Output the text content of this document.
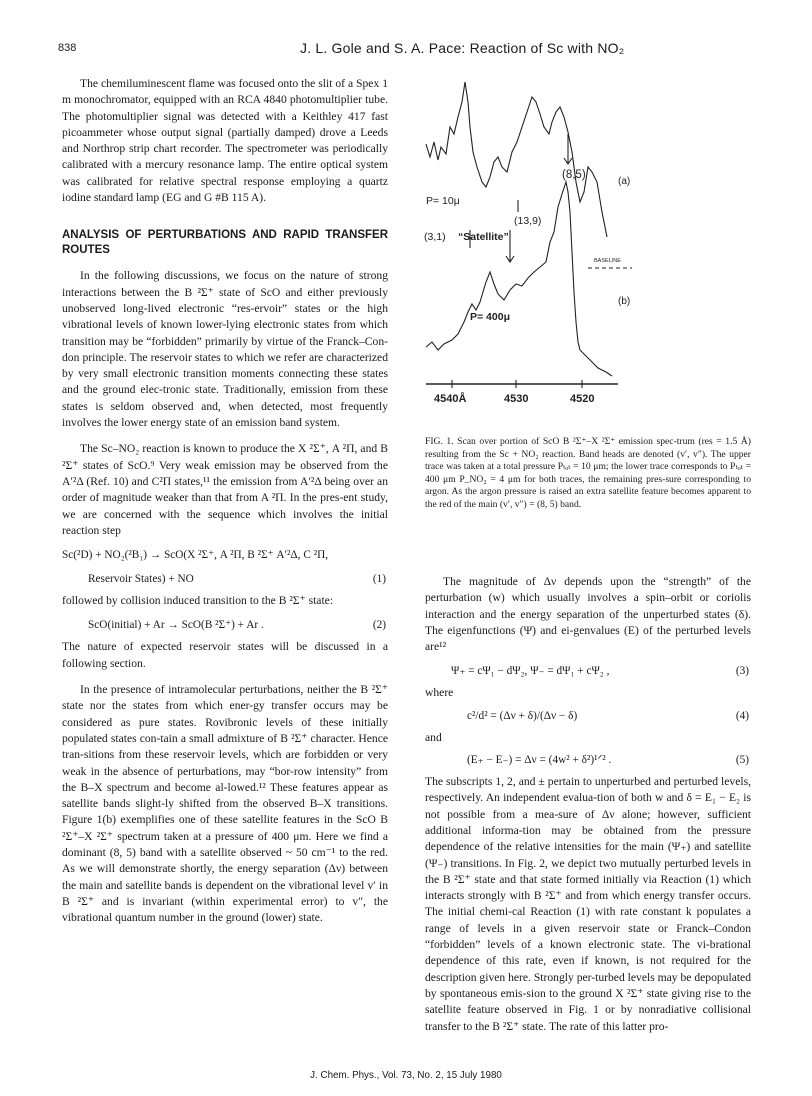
838	J. L. Gole and S. A. Pace: Reaction of Sc with NO₂

The chemiluminescent flame was focused onto the slit of a Spex 1 m monochromator, equipped with an RCA 4840 photomultiplier tube. The photomultiplier signal was detected with a Keithley 417 fast picoammeter whose output signal (partially damped) drove a Leeds and Northrop strip chart recorder. The spectrometer was periodically calibrated with a mercury resonance lamp. The entire optical system was calibrated for relative spectral response employing a quartz iodine standard lamp (EG and G #B 115 A).

ANALYSIS OF PERTURBATIONS AND RAPID TRANSFER ROUTES

In the following discussions, we focus on the nature of strong interactions between the B ²Σ⁺ state of ScO and either previously unobserved long-lived electronic “res-ervoir” states or the high vibrational levels of known lower-lying electronic states from which transition may be “forbidden” primarily by virtue of the Franck–Con-don principle. The reservoir states to which we refer are characterized by very small electronic transition moments connecting these states and the ground elec-tronic state. Traditionally, emission from these states is seldom observed and, when detected, most frequently involves the lower energy state of an emission band system.

The Sc–NO₂ reaction is known to produce the X ²Σ⁺, A ²Π, and B ²Σ⁺ states of ScO.⁹ Very weak emission may be observed from the A′²Δ (Ref. 10) and C²Π states,¹¹ the emission from A′²Δ being over an order of magnitude weaker than that from A ²Π. In the pres-ent study, we are concerned with the sequence which involves the initial reaction step

Sc(²D) + NO₂(²B₁) → ScO(X ²Σ⁺, A ²Π, B ²Σ⁺ A′²Δ, C ²Π,
Reservoir States) + NO	(1)

followed by collision induced transition to the B ²Σ⁺ state:

ScO(initial) + Ar → ScO(B ²Σ⁺) + Ar .	(2)

The nature of expected reservoir states will be discussed in a following section.

In the presence of intramolecular perturbations, neither the B ²Σ⁺ state nor the states from which ener-gy transfer occurs may be considered as pure states. Rovibronic levels of these initially populated states con-tain a small admixture of B ²Σ⁺ character. Hence tran-sitions from these reservoir levels, which are forbidden or very weak in the absence of perturbations, may “bor-row intensity” from the B–X spectrum and become al-lowed.¹² These features appear as satellite bands slight-ly shifted from the observed B–X transitions. Figure 1(b) exemplifies one of these satellite features in the ScO B ²Σ⁺–X ²Σ⁺ spectrum taken at a pressure of 400 μm. Here we find a dominant (8, 5) band with a satellite observed ~ 50 cm⁻¹ to the red. As we will demonstrate shortly, the energy separation (Δν) between the main and satellite bands is dependent on the vibrational level v′ in B ²Σ⁺ and is invariant (within experimental error) to v″, the vibrational quantum number in the ground (lower) state.

(8,5)
(a)
(b)
P= 10μ
(13,9)
(3,1) “Satellite”
BASELINE
P= 400μ
4540Å	4530	4520
FIG. 1. Scan over portion of ScO B ²Σ⁺–X ²Σ⁺ emission spec-trum (res = 1.5 Å) resulting from the Sc + NO₂ reaction. Band heads are denoted (v′, v″). The upper trace was taken at a total pressure Pₜₒₜ = 10 μm; the lower trace corresponds to Pₜₒₜ = 400 μm P_NO₂ = 4 μm for both traces, the remaining pres-sure corresponding to argon. As the argon pressure is raised an extra satellite feature becomes apparent to the red of the main (v′, v″) = (8, 5) band.

The magnitude of Δν depends upon the “strength” of the perturbation (w) which usually involves a spin–orbit or coriolis interaction and the energy separation of the unperturbed states (δ). The eigenfunctions (Ψ) and ei-genvalues (E) of the perturbed levels are¹²

Ψ₊ = cΨ₁ − dΨ₂, Ψ₋ = dΨ₁ + cΨ₂ ,	(3)

where

c²/d² = (Δν + δ)/(Δν − δ)	(4)

and

(E₊ − E₋) = Δν = (4w² + δ²)¹ᐟ² .	(5)

The subscripts 1, 2, and ± pertain to unperturbed and perturbed levels, respectively. An independent evalua-tion of both w and δ = E₁ − E₂ is not possible from a mea-sure of Δν alone; however, sufficient additional informa-tion may be obtained from the pressure dependence of the relative intensities for the main (Ψ₊) and satellite (Ψ₋) transitions. In Fig. 2, we depict two mutually perturbed levels in the B ²Σ⁺ state and that state formed initially via Reaction (1) which interacts strongly with B ²Σ⁺ and from which energy transfer occurs. The initial chemi-cal Reaction (1) with rate constant k populates a range of levels in a given reservoir state or Franck–Condon “forbidden” levels of a known electronic state. The vi-brational dependence of this rate, even if known, is not required for the description given here. Strongly per-turbed levels may be depopulated by spontaneous emis-sion to the ground X ²Σ⁺ state giving rise to the satellite feature observed in Fig. 1 or by nonradiative collisional transfer to the B ²Σ⁺ state. The rate of this latter pro-

J. Chem. Phys., Vol. 73, No. 2, 15 July 1980
